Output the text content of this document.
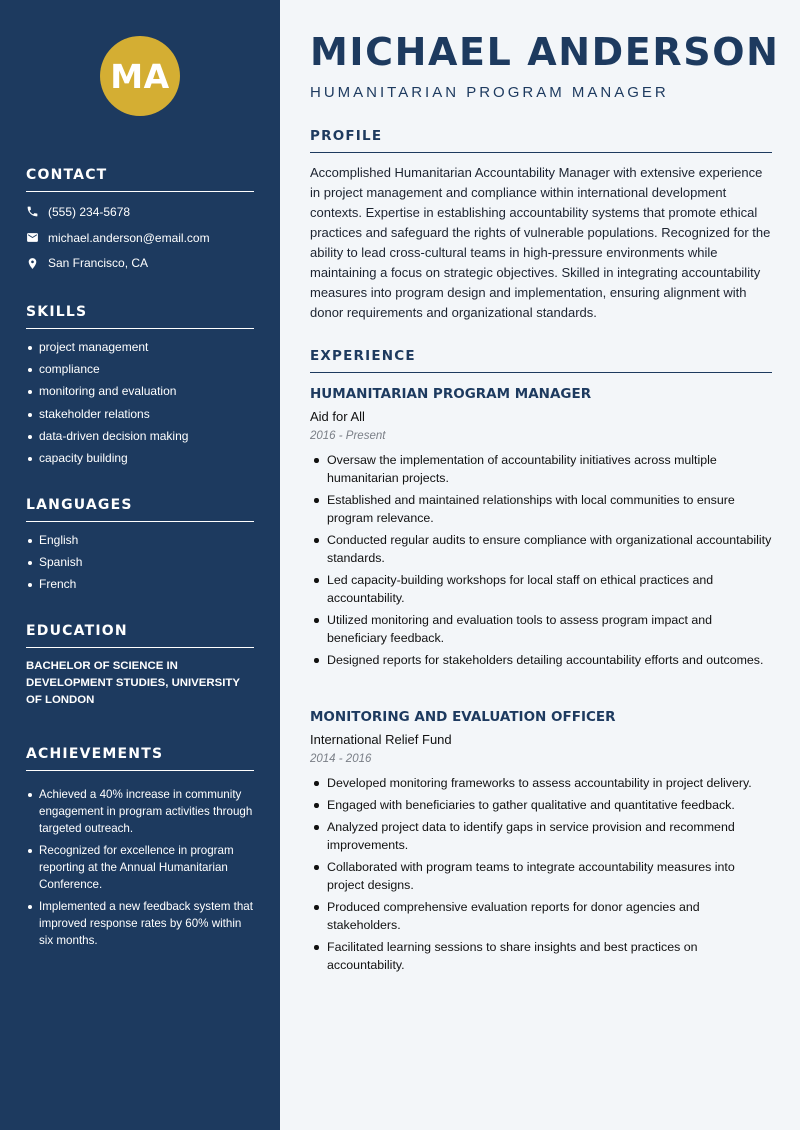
MA
CONTACT
(555) 234-5678
michael.anderson@email.com
San Francisco, CA
SKILLS
project management
compliance
monitoring and evaluation
stakeholder relations
data-driven decision making
capacity building
LANGUAGES
English
Spanish
French
EDUCATION

BACHELOR OF SCIENCE IN DEVELOPMENT STUDIES, UNIVERSITY OF LONDON

ACHIEVEMENTS
Achieved a 40% increase in community engagement in program activities through targeted outreach.
Recognized for excellence in program reporting at the Annual Humanitarian Conference.
Implemented a new feedback system that improved response rates by 60% within six months.
MICHAEL ANDERSON
HUMANITARIAN PROGRAM MANAGER
PROFILE

Accomplished Humanitarian Accountability Manager with extensive experience in project management and compliance within international development contexts. Expertise in establishing accountability systems that promote ethical practices and safeguard the rights of vulnerable populations. Recognized for the ability to lead cross-cultural teams in high-pressure environments while maintaining a focus on strategic objectives. Skilled in integrating accountability measures into program design and implementation, ensuring alignment with donor requirements and organizational standards.

EXPERIENCE
HUMANITARIAN PROGRAM MANAGER
Aid for All
2016 - Present
Oversaw the implementation of accountability initiatives across multiple humanitarian projects.
Established and maintained relationships with local communities to ensure program relevance.
Conducted regular audits to ensure compliance with organizational accountability standards.
Led capacity-building workshops for local staff on ethical practices and accountability.
Utilized monitoring and evaluation tools to assess program impact and beneficiary feedback.
Designed reports for stakeholders detailing accountability efforts and outcomes.
MONITORING AND EVALUATION OFFICER
International Relief Fund
2014 - 2016
Developed monitoring frameworks to assess accountability in project delivery.
Engaged with beneficiaries to gather qualitative and quantitative feedback.
Analyzed project data to identify gaps in service provision and recommend improvements.
Collaborated with program teams to integrate accountability measures into project designs.
Produced comprehensive evaluation reports for donor agencies and stakeholders.
Facilitated learning sessions to share insights and best practices on accountability.
